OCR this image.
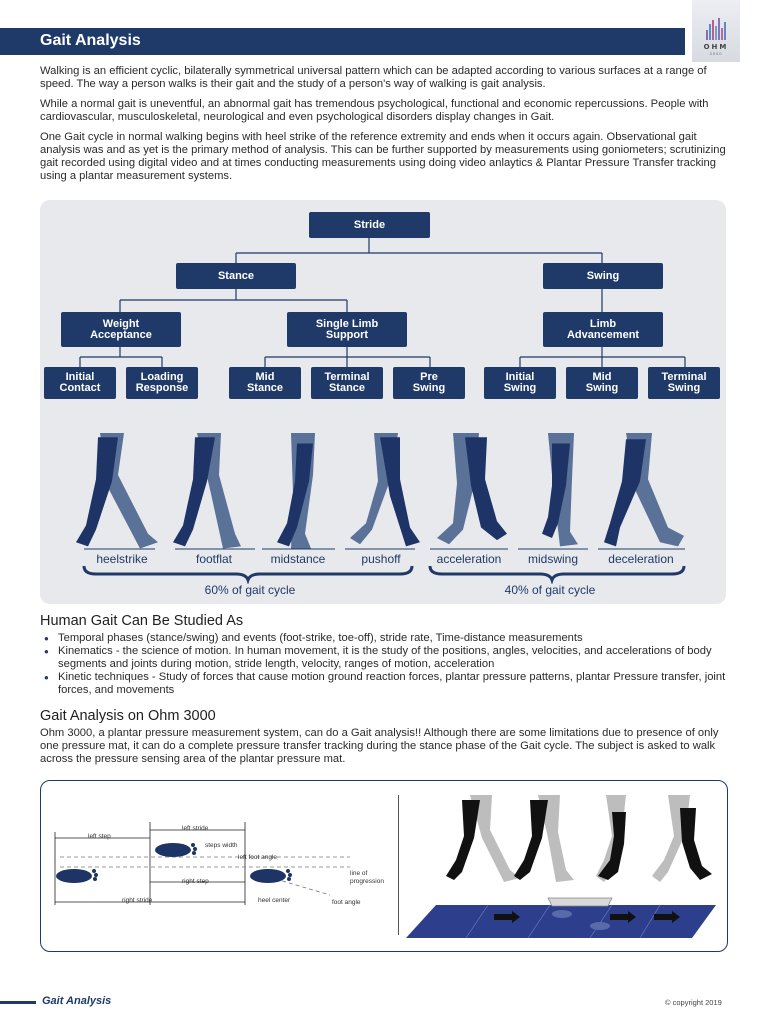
OHM
3000
Gait Analysis

Walking is an efficient cyclic, bilaterally symmetrical universal pattern which can be adapted according to various surfaces at a range of speed. The way a person walks is their gait and the study of a person's way of walking is gait analysis.

While a normal gait is uneventful, an abnormal gait has tremendous psychological, functional and economic repercussions. People with cardiovascular, musculoskeletal, neurological and even psychological disorders display changes in Gait.

One Gait cycle in normal walking begins with heel strike of the reference extremity and ends when it occurs again. Observational gait analysis was and as yet is the primary method of analysis. This can be further supported by measurements using goniometers; scrutinizing gait recorded using digital video and at times conducting measurements using doing video anlaytics & Plantar Pressure Transfer tracking using a plantar measurement systems.

Stride
Stance	Swing
Weight Acceptance
Single Limb Support
Limb Advancement
Initial Contact
Loading Response
Mid Stance
Terminal Stance
Pre Swing
Initial Swing
Mid Swing
Terminal Swing
heelstrike	footflat	midstance	pushoff	acceleration	midswing	deceleration
60% of gait cycle	40% of gait cycle
Human Gait Can Be Studied As
● Temporal phases (stance/swing) and events (foot-strike, toe-off), stride rate, Time-distance measurements
● Kinematics - the science of motion. In human movement, it is the study of the positions, angles, velocities, and accelerations of body segments and joints during motion, stride length, velocity, ranges of motion, acceleration
● Kinetic techniques - Study of forces that cause motion ground reaction forces, plantar pressure patterns, plantar Pressure transfer, joint forces, and movements
Gait Analysis on Ohm 3000
Ohm 3000, a plantar pressure measurement system, can do a Gait analysis!! Although there are some limitations due to presence of only one pressure mat, it can do a complete pressure transfer tracking during the stance phase of the Gait cycle. The subject is asked to walk across the pressure sensing area of the plantar pressure mat.
left step
left stride
steps width
left foot angle
right step
line of progression
right stride	heel center	foot angle
Gait Analysis	© copyright 2019
